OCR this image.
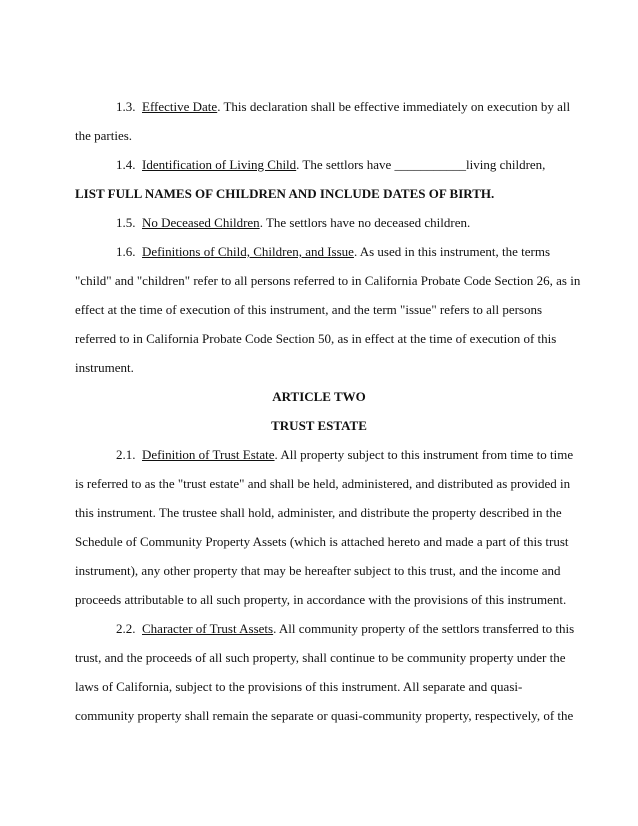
1.3. Effective Date. This declaration shall be effective immediately on execution by all
the parties.
1.4. Identification of Living Child. The settlors have ___________living children,
LIST FULL NAMES OF CHILDREN AND INCLUDE DATES OF BIRTH.
1.5. No Deceased Children. The settlors have no deceased children.
1.6. Definitions of Child, Children, and Issue. As used in this instrument, the terms
"child" and "children" refer to all persons referred to in California Probate Code Section 26, as in
effect at the time of execution of this instrument, and the term "issue" refers to all persons
referred to in California Probate Code Section 50, as in effect at the time of execution of this
instrument.
ARTICLE TWO
TRUST ESTATE
2.1. Definition of Trust Estate. All property subject to this instrument from time to time
is referred to as the "trust estate" and shall be held, administered, and distributed as provided in
this instrument. The trustee shall hold, administer, and distribute the property described in the
Schedule of Community Property Assets (which is attached hereto and made a part of this trust
instrument), any other property that may be hereafter subject to this trust, and the income and
proceeds attributable to all such property, in accordance with the provisions of this instrument.
2.2. Character of Trust Assets. All community property of the settlors transferred to this
trust, and the proceeds of all such property, shall continue to be community property under the
laws of California, subject to the provisions of this instrument. All separate and quasi-
community property shall remain the separate or quasi-community property, respectively, of the
